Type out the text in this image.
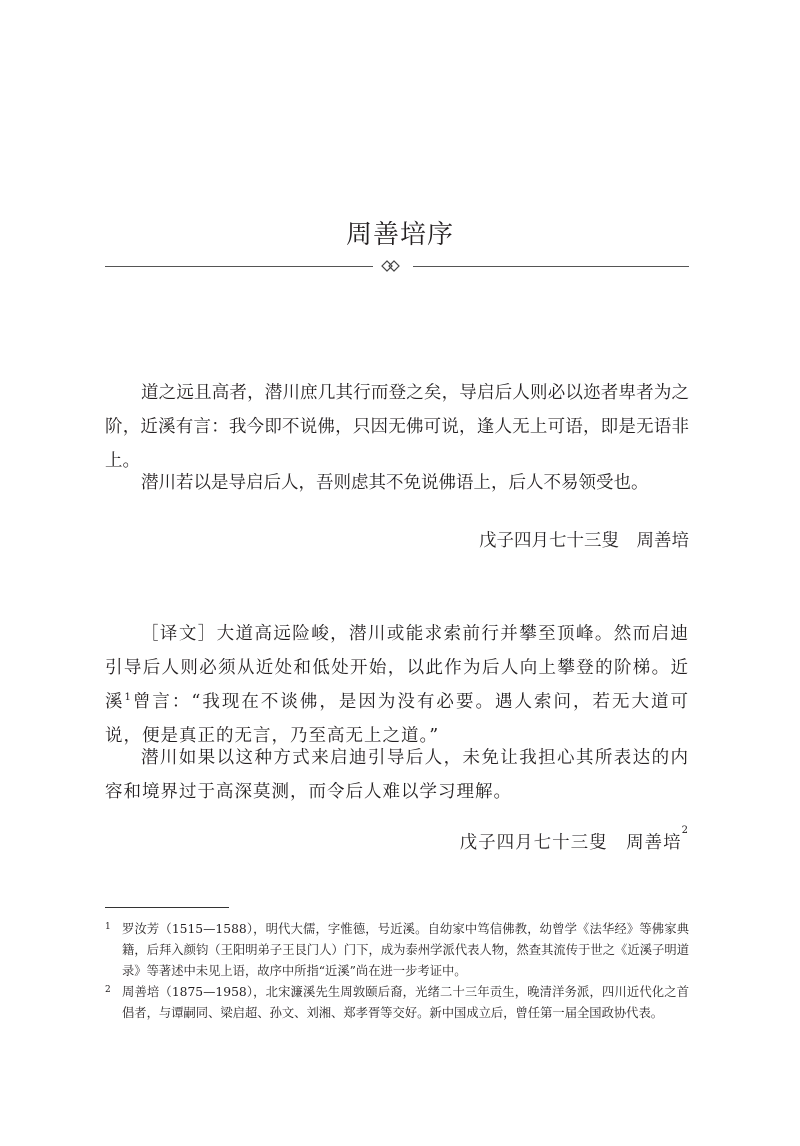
周善培序

道之远且高者，潜川庶几其行而登之矣，导启后人则必以迩者卑者为之阶，近溪有言：我今即不说佛，只因无佛可说，逢人无上可语，即是无语非上。

潜川若以是导启后人，吾则虑其不免说佛语上，后人不易领受也。

戊子四月七十三叟　周善培

［译文］大道高远险峻，潜川或能求索前行并攀至顶峰。然而启迪引导后人则必须从近处和低处开始，以此作为后人向上攀登的阶梯。近溪$^1$曾言：“我现在不谈佛，是因为没有必要。遇人索问，若无大道可说，便是真正的无言，乃至高无上之道。”

潜川如果以这种方式来启迪引导后人，未免让我担心其所表达的内容和境界过于高深莫测，而令后人难以学习理解。

戊子四月七十三叟　周善培$^2$

1 罗汝芳（1515—1588），明代大儒，字惟德，号近溪。自幼家中笃信佛教，幼曾学《法华经》等佛家典籍，后拜入颜钧（王阳明弟子王艮门人）门下，成为泰州学派代表人物，然查其流传于世之《近溪子明道录》等著述中未见上语，故序中所指“近溪”尚在进一步考证中。
2 周善培（1875—1958），北宋濂溪先生周敦颐后裔，光绪二十三年贡生，晚清洋务派，四川近代化之首倡者，与谭嗣同、梁启超、孙文、刘湘、郑孝胥等交好。新中国成立后，曾任第一届全国政协代表。
